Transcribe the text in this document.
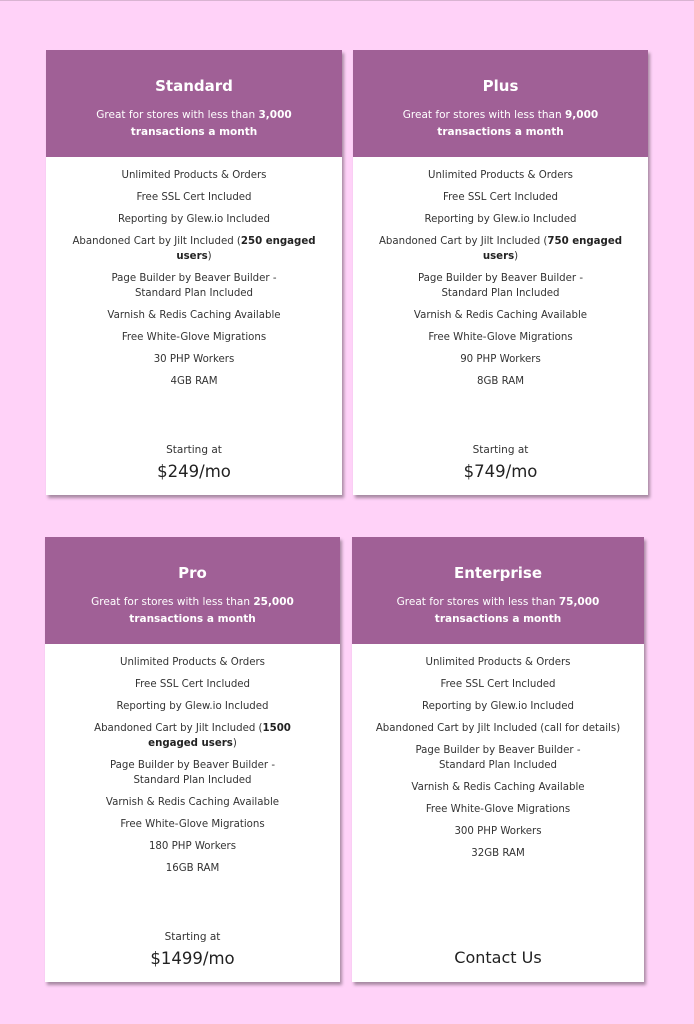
Standard
Great for stores with less than 3,000 transactions a month
Unlimited Products & Orders
Free SSL Cert Included
Reporting by Glew.io Included
Abandoned Cart by Jilt Included (250 engaged users)
Page Builder by Beaver Builder - Standard Plan Included
Varnish & Redis Caching Available
Free White-Glove Migrations
30 PHP Workers
4GB RAM
Starting at
$249/mo
Plus
Great for stores with less than 9,000 transactions a month
Unlimited Products & Orders
Free SSL Cert Included
Reporting by Glew.io Included
Abandoned Cart by Jilt Included (750 engaged users)
Page Builder by Beaver Builder - Standard Plan Included
Varnish & Redis Caching Available
Free White-Glove Migrations
90 PHP Workers
8GB RAM
Starting at
$749/mo
Pro
Great for stores with less than 25,000 transactions a month
Unlimited Products & Orders
Free SSL Cert Included
Reporting by Glew.io Included
Abandoned Cart by Jilt Included (1500 engaged users)
Page Builder by Beaver Builder - Standard Plan Included
Varnish & Redis Caching Available
Free White-Glove Migrations
180 PHP Workers
16GB RAM
Starting at
$1499/mo
Enterprise
Great for stores with less than 75,000 transactions a month
Unlimited Products & Orders
Free SSL Cert Included
Reporting by Glew.io Included
Abandoned Cart by Jilt Included (call for details)
Page Builder by Beaver Builder - Standard Plan Included
Varnish & Redis Caching Available
Free White-Glove Migrations
300 PHP Workers
32GB RAM
Contact Us
